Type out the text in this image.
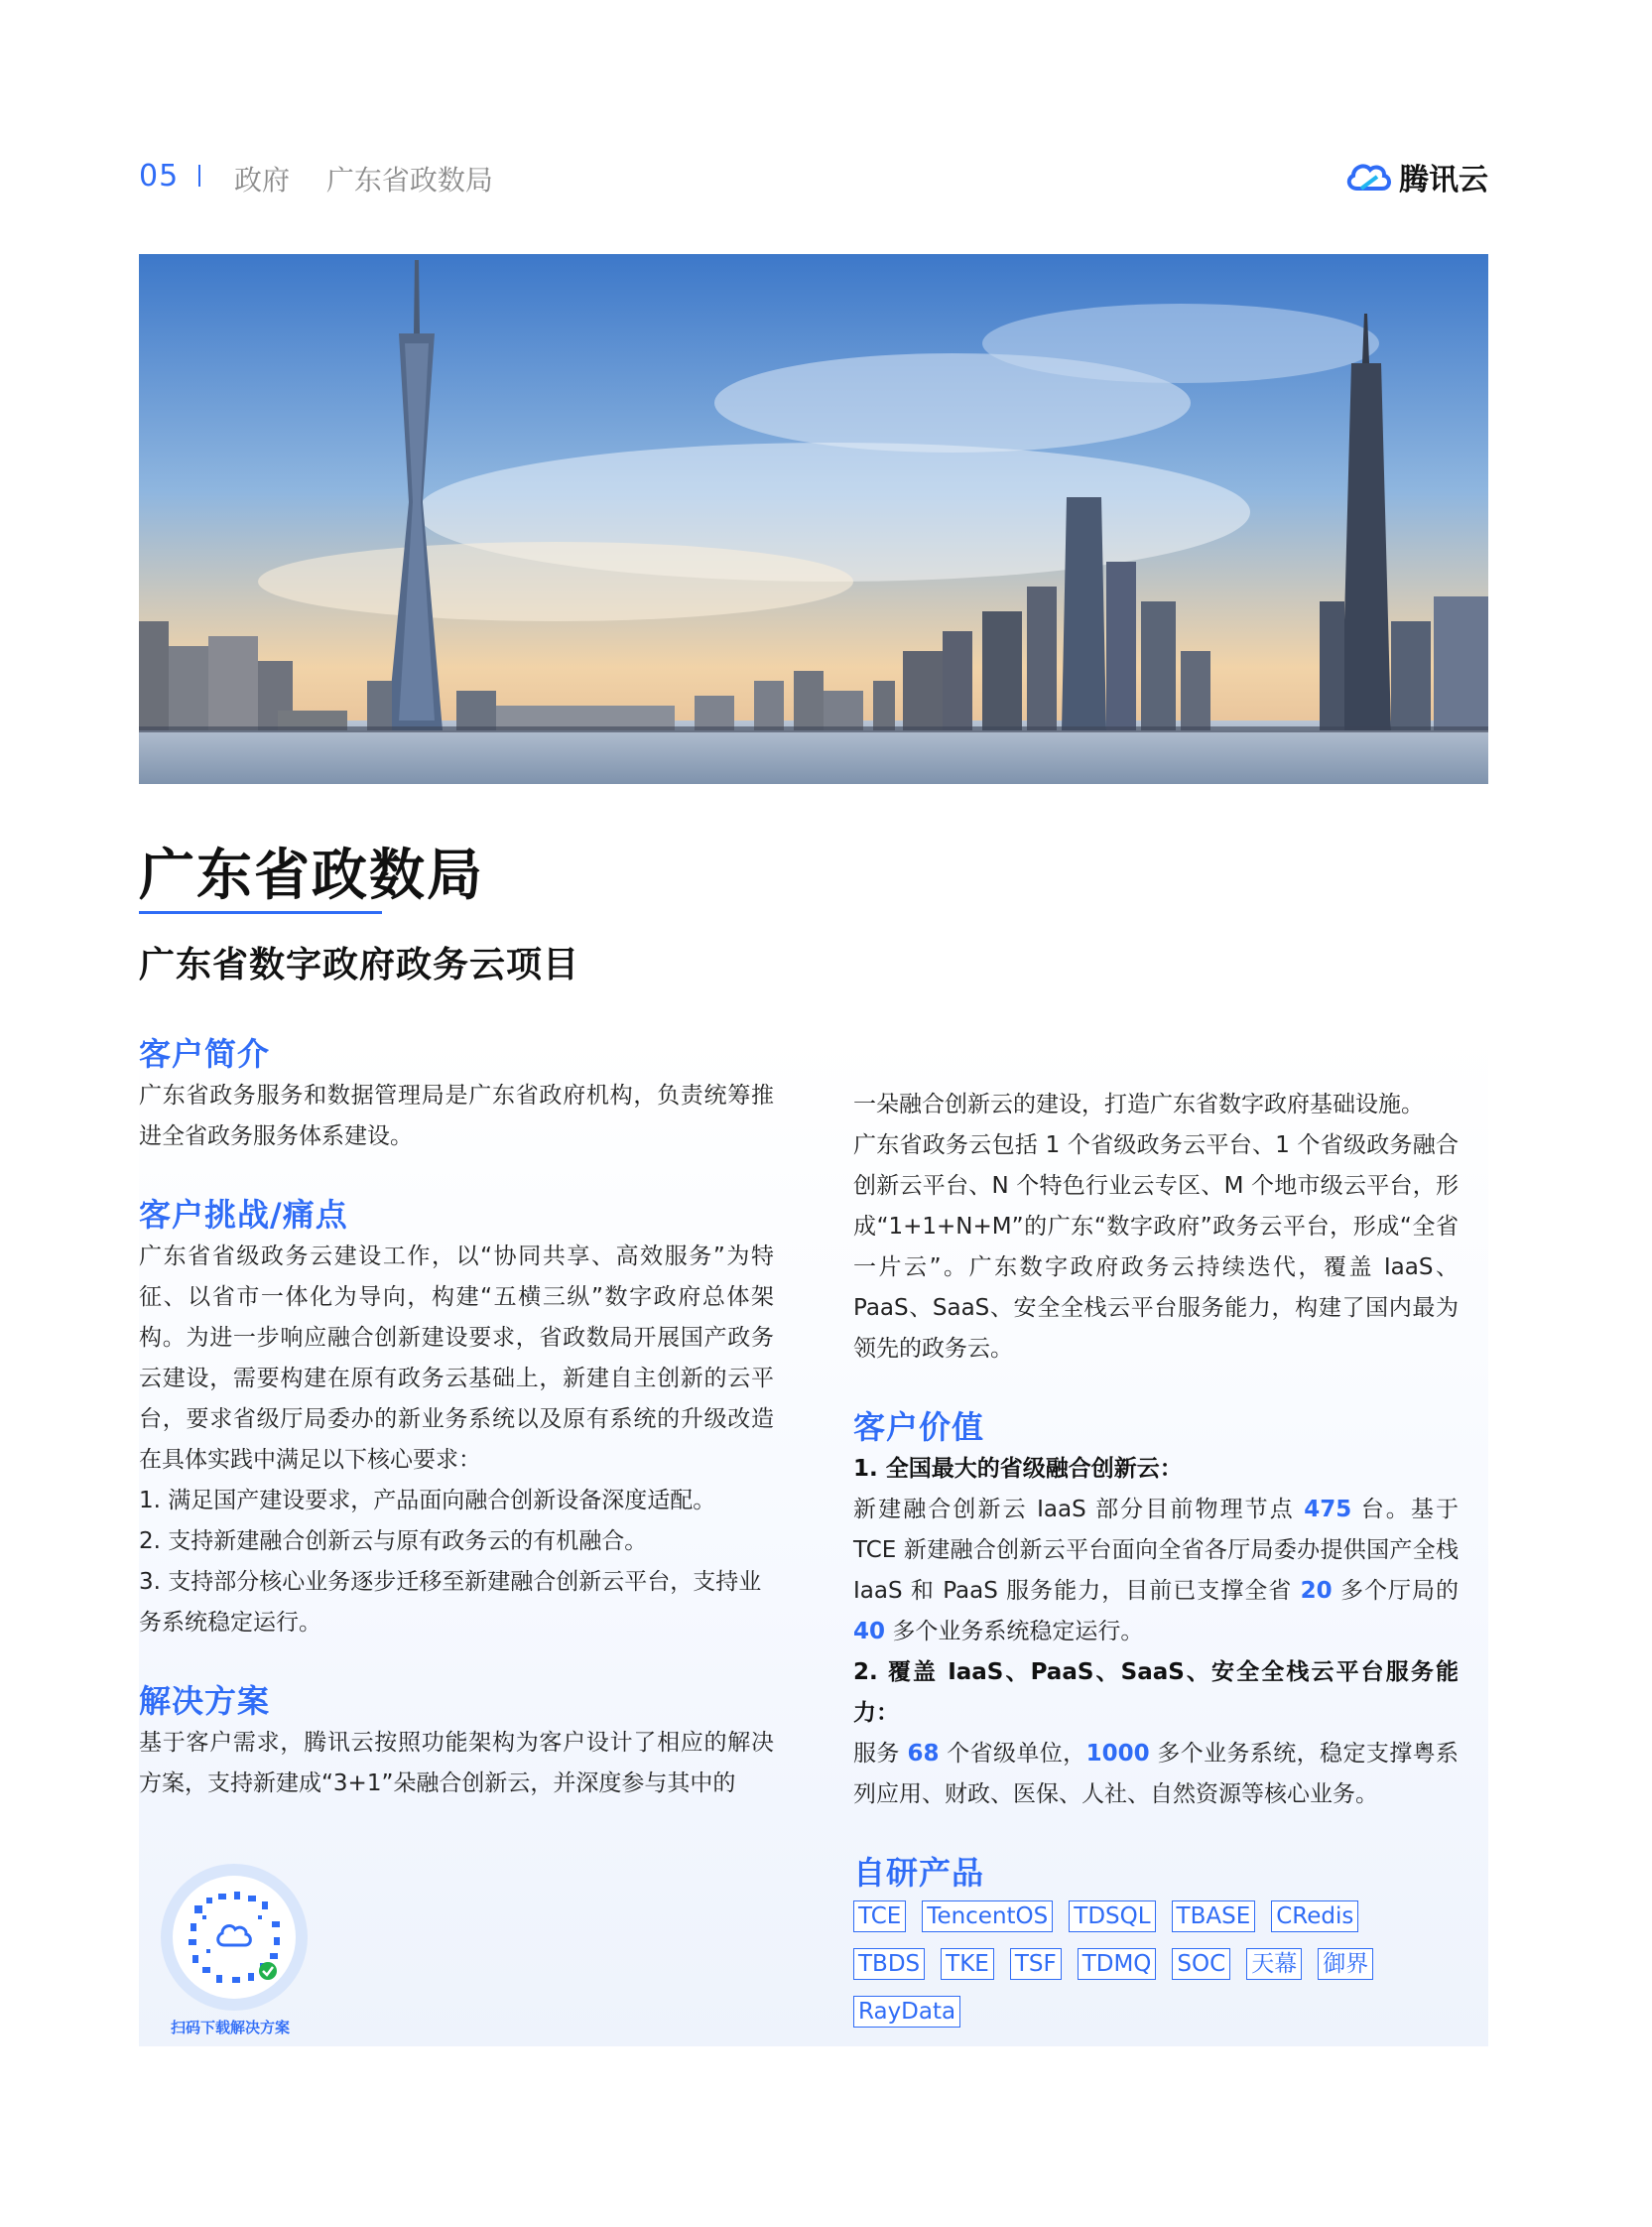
05 政府 广东省政数局	腾讯云
广东省政数局
广东省数字政府政务云项目
客户简介

广东省政务服务和数据管理局是广东省政府机构，负责统筹推进全省政务服务体系建设。

客户挑战/痛点

广东省省级政务云建设工作，以“协同共享、高效服务”为特征、以省市一体化为导向，构建“五横三纵”数字政府总体架构。为进一步响应融合创新建设要求，省政数局开展国产政务云建设，需要构建在原有政务云基础上，新建自主创新的云平台，要求省级厅局委办的新业务系统以及原有系统的升级改造在具体实践中满足以下核心要求：

1. 满足国产建设要求，产品面向融合创新设备深度适配。

2. 支持新建融合创新云与原有政务云的有机融合。

3. 支持部分核心业务逐步迁移至新建融合创新云平台，支持业务系统稳定运行。

解决方案

基于客户需求，腾讯云按照功能架构为客户设计了相应的解决方案，支持新建成“3+1”朵融合创新云，并深度参与其中的

一朵融合创新云的建设，打造广东省数字政府基础设施。

广东省政务云包括 1 个省级政务云平台、1 个省级政务融合创新云平台、N 个特色行业云专区、M 个地市级云平台，形成“1+1+N+M”的广东“数字政府”政务云平台，形成“全省一片云”。广东数字政府政务云持续迭代，覆盖 IaaS、PaaS、SaaS、安全全栈云平台服务能力，构建了国内最为领先的政务云。

客户价值

1. 全国最大的省级融合创新云：

新建融合创新云 IaaS 部分目前物理节点 475 台。基于 TCE 新建融合创新云平台面向全省各厅局委办提供国产全栈 IaaS 和 PaaS 服务能力，目前已支撑全省 20 多个厅局的 40 多个业务系统稳定运行。

2. 覆盖 IaaS、PaaS、SaaS、安全全栈云平台服务能力：

服务 68 个省级单位，1000 多个业务系统，稳定支撑粤系列应用、财政、医保、人社、自然资源等核心业务。

自研产品
TCE TencentOS TDSQL TBASE CRedis
TBDS TKE TSF TDMQ SOC 天幕 御界
RayData
扫码下载解决方案
